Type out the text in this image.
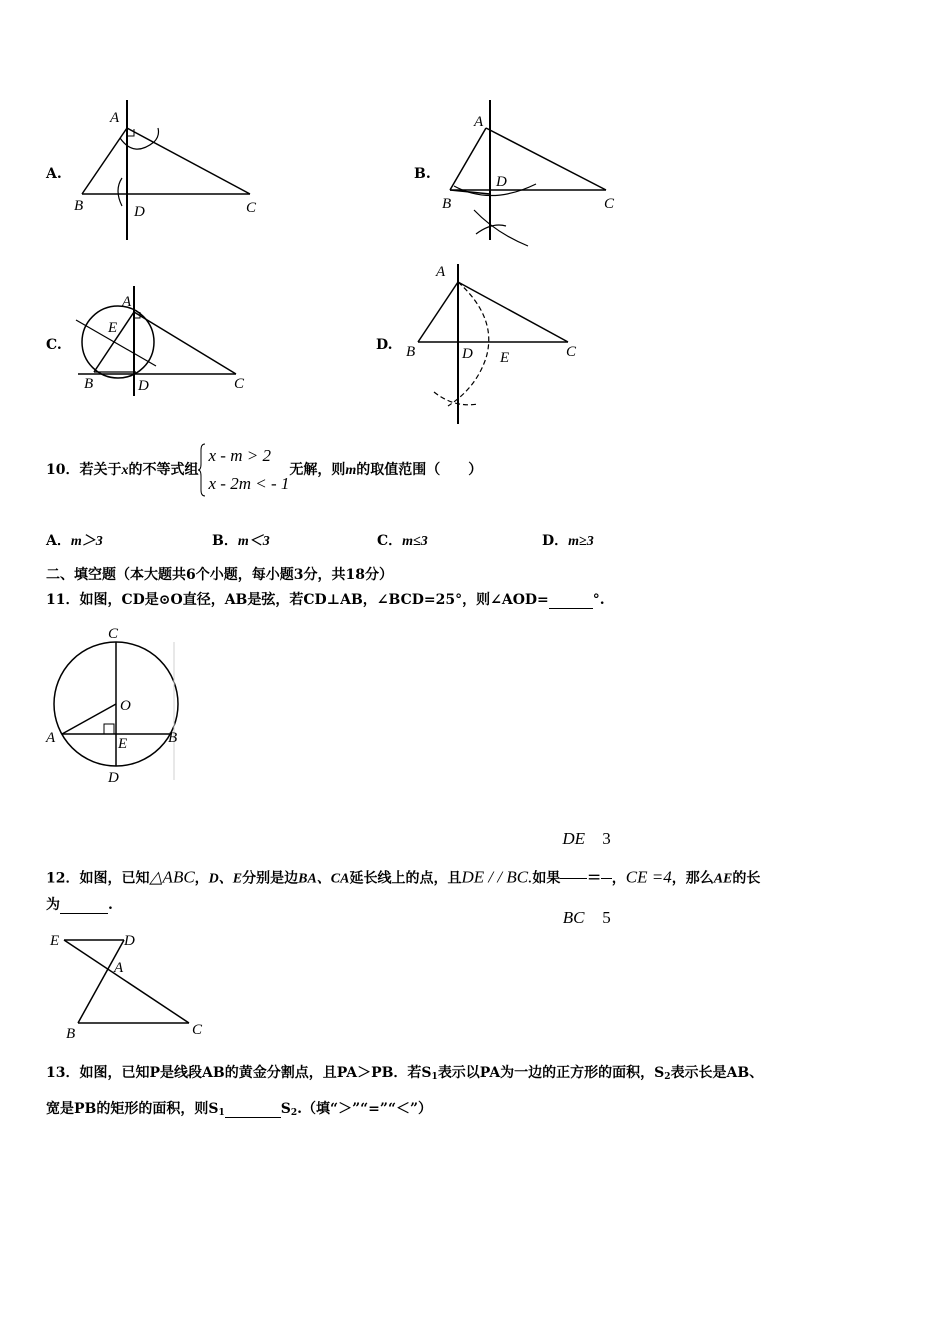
A.
A
B	D	C
B.
A
B
D
C
C.
A
E
B	D	C
D.
A
B	D E	C
10．若关于x的不等式组
x - m > 2
x - 2m < - 1
无解，则m的取值范围（　　）
A．m＞3	B．m＜3	C．m≤3	D．m≥3
二、填空题（本大题共6个小题，每小题3分，共18分）
11．如图，CD是⊙O直径，AB是弦，若CD⊥AB，∠BCD=25°，则∠AOD=	°.
C
O
A	E	B
D
12．如图，已知△ABC，D、E分别是边BA、CA延长线上的点，且DE / / BC.如果 $\frac{DE}{BC} = \frac{3}{5}$ ，CE =4，那么AE的长
为	.
E	D
A
B	C
13．如图，已知P是线段AB的黄金分割点，且PA＞PB．若$S_1$表示以PA为一边的正方形的面积，$S_2$表示长是AB、
宽是PB的矩形的面积，则$S_1$	$S_2$.（填“＞”“=”“＜”）
